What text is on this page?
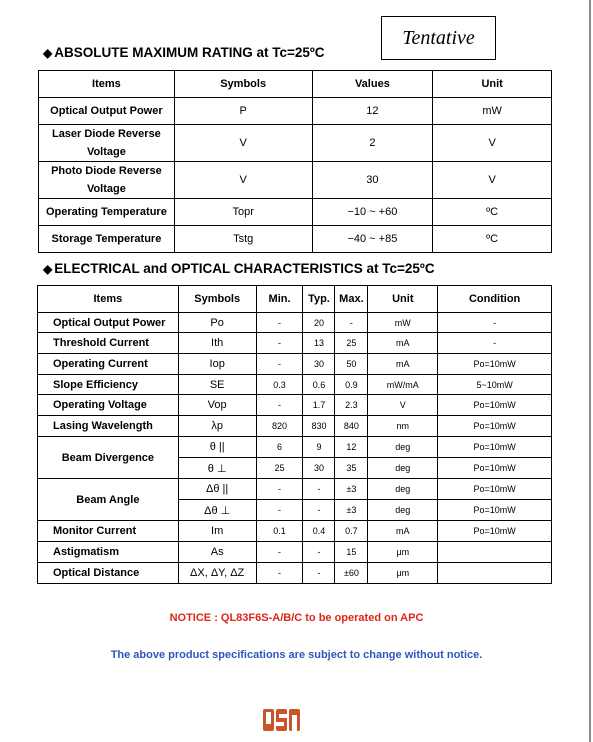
Tentative
◆ ABSOLUTE MAXIMUM RATING at Tc=25ºC
Items	Symbols	Values	Unit
Optical Output Power	P	12	mW
Laser Diode Reverse Voltage	V	2	V
Photo Diode Reverse Voltage	V	30	V
Operating Temperature	Topr	−10 ~ +60	ºC
Storage Temperature	Tstg	−40 ~ +85	ºC
◆ ELECTRICAL and OPTICAL CHARACTERISTICS at Tc=25ºC
Items	Symbols	Min.	Typ.	Max.	Unit	Condition
Optical Output Power	Po	-	20	-	mW	-
Threshold Current	Ith	-	13	25	mA	-
Operating Current	Iop	-	30	50	mA	Po=10mW
Slope Efficiency	SE	0.3	0.6	0.9	mW/mA	5~10mW
Operating Voltage	Vop	-	1.7	2.3	V	Po=10mW
Lasing Wavelength	λp	820	830	840	nm	Po=10mW
Beam Divergence	θ ||	6	9	12	deg	Po=10mW
	θ ⊥	25	30	35	deg	Po=10mW
Beam Angle	Δθ ||	-	-	±3	deg	Po=10mW
	Δθ ⊥	-	-	±3	deg	Po=10mW
Monitor Current	Im	0.1	0.4	0.7	mA	Po=10mW
Astigmatism	As	-	-	15	μm	
Optical Distance	ΔX, ΔY, ΔZ	-	-	±60	μm	
NOTICE : QL83F6S-A/B/C to be operated on APC
The above product specifications are subject to change without notice.
